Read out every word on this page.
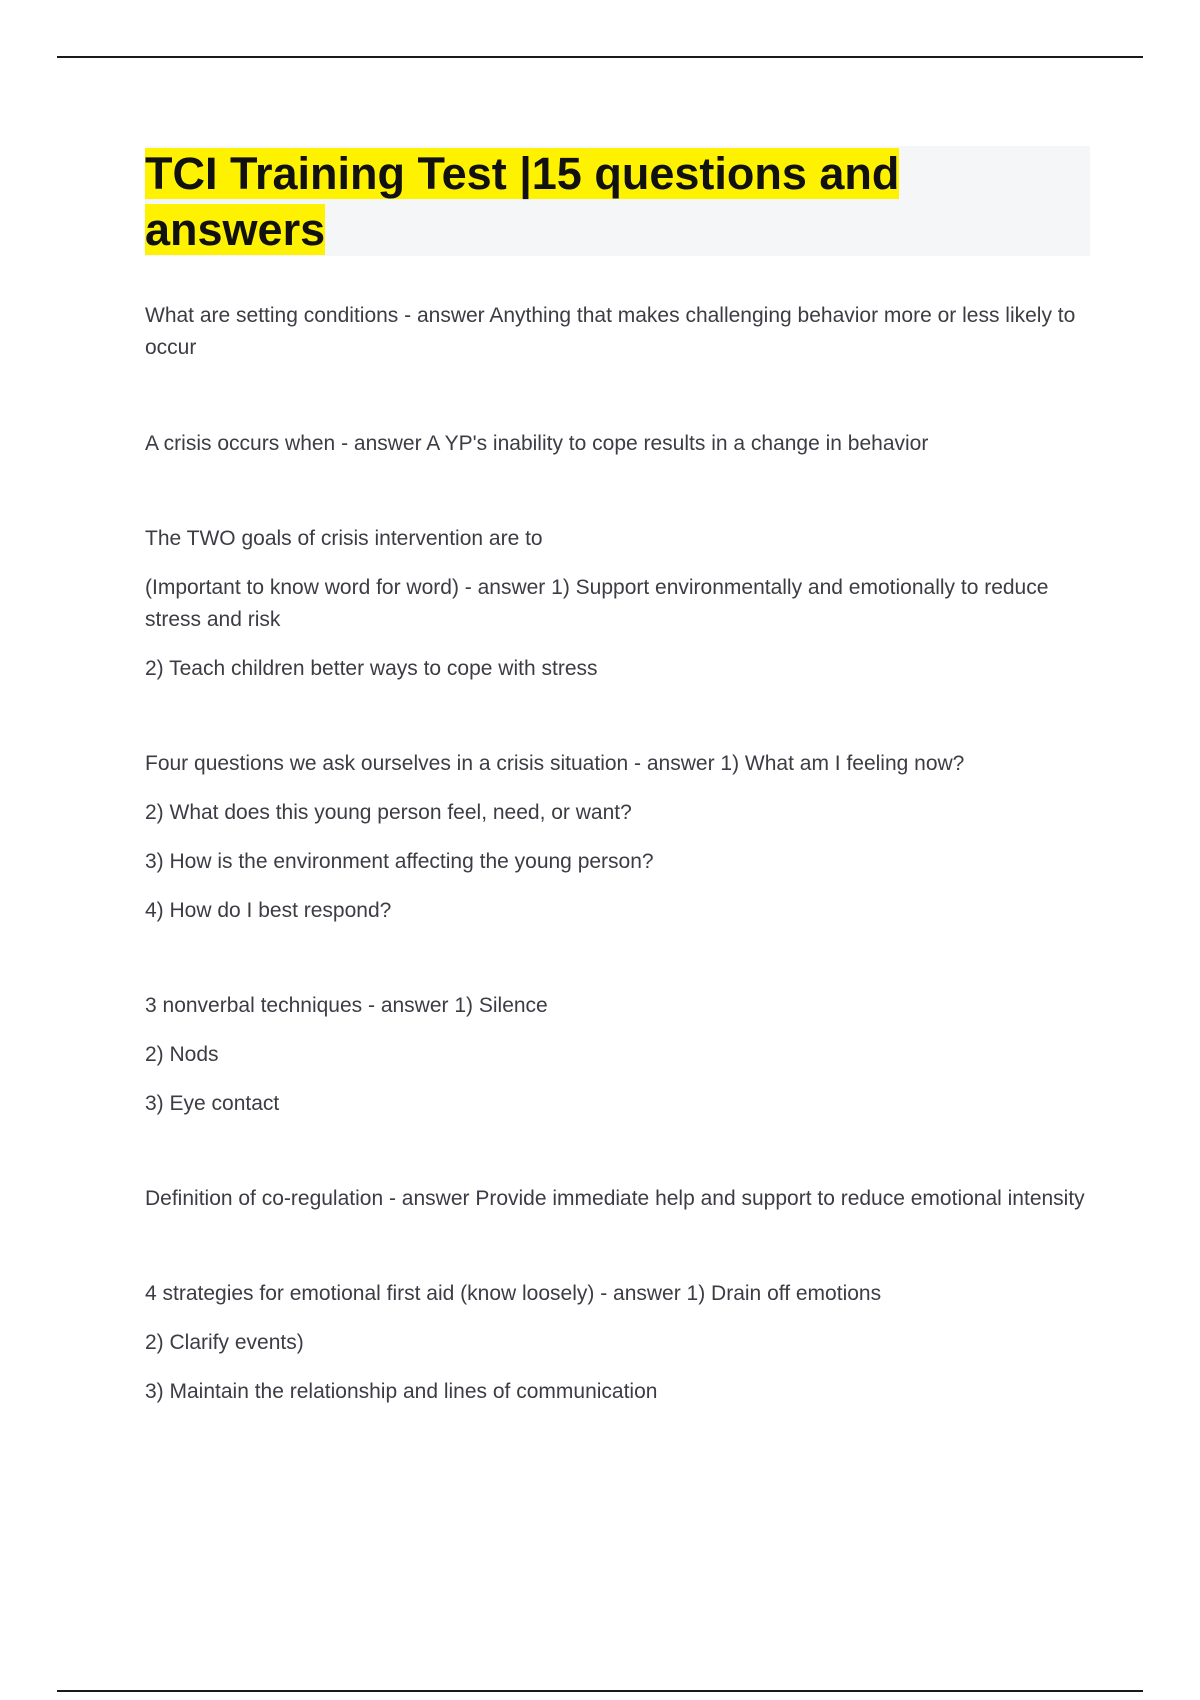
TCI Training Test |15 questions and answers

What are setting conditions - answer Anything that makes challenging behavior more or less likely to occur

A crisis occurs when - answer A YP's inability to cope results in a change in behavior

The TWO goals of crisis intervention are to

(Important to know word for word) - answer 1) Support environmentally and emotionally to reduce stress and risk

2) Teach children better ways to cope with stress

Four questions we ask ourselves in a crisis situation - answer 1) What am I feeling now?

2) What does this young person feel, need, or want?

3) How is the environment affecting the young person?

4) How do I best respond?

3 nonverbal techniques - answer 1) Silence

2) Nods

3) Eye contact

Definition of co-regulation - answer Provide immediate help and support to reduce emotional intensity

4 strategies for emotional first aid (know loosely) - answer 1) Drain off emotions

2) Clarify events)

3) Maintain the relationship and lines of communication
